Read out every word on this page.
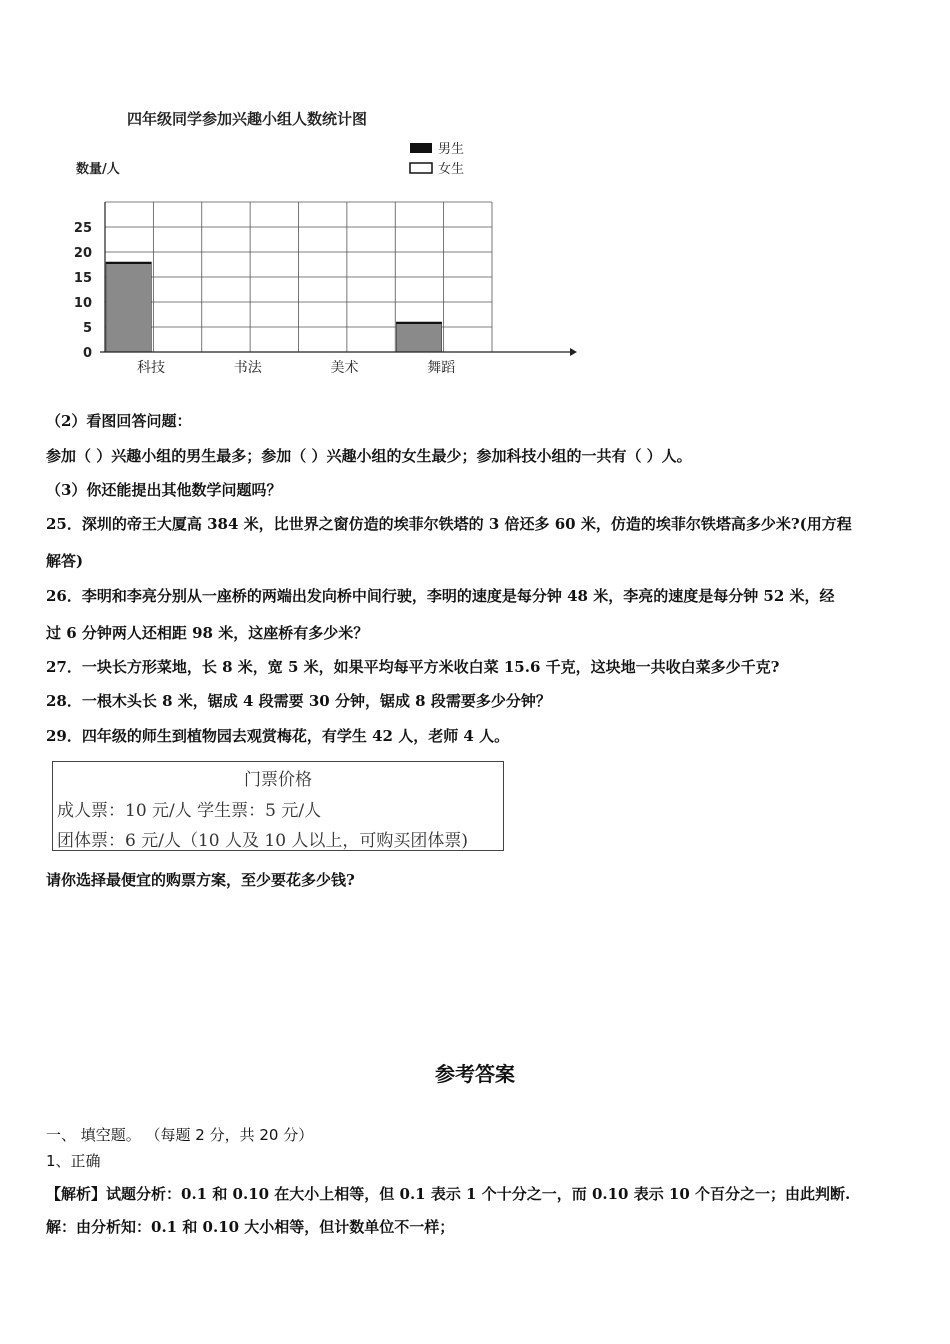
四年级同学参加兴趣小组人数统计图
数量/人
男生
女生
0
5
10
15
20
25
科技	书法	美术	舞蹈
（2）看图回答问题：
参加（ ）兴趣小组的男生最多；参加（ ）兴趣小组的女生最少；参加科技小组的一共有（ ）人。
（3）你还能提出其他数学问题吗？
25．深圳的帝王大厦高 384 米，比世界之窗仿造的埃菲尔铁塔的 3 倍还多 60 米，仿造的埃菲尔铁塔高多少米?(用方程
解答)
26．李明和李亮分别从一座桥的两端出发向桥中间行驶，李明的速度是每分钟 48 米，李亮的速度是每分钟 52 米，经
过 6 分钟两人还相距 98 米，这座桥有多少米？
27．一块长方形菜地，长 8 米，宽 5 米，如果平均每平方米收白菜 15.6 千克，这块地一共收白菜多少千克?
28．一根木头长 8 米，锯成 4 段需要 30 分钟，锯成 8 段需要多少分钟？
29．四年级的师生到植物园去观赏梅花，有学生 42 人，老师 4 人。
门票价格
成人票：10 元/人 学生票：5 元/人
团体票：6 元/人（10 人及 10 人以上，可购买团体票)
请你选择最便宜的购票方案，至少要花多少钱?
参考答案
一、 填空题。 （每题 2 分，共 20 分）
1、正确
【解析】试题分析：0.1 和 0.10 在大小上相等，但 0.1 表示 1 个十分之一，而 0.10 表示 10 个百分之一；由此判断.
解：由分析知：0.1 和 0.10 大小相等，但计数单位不一样；
